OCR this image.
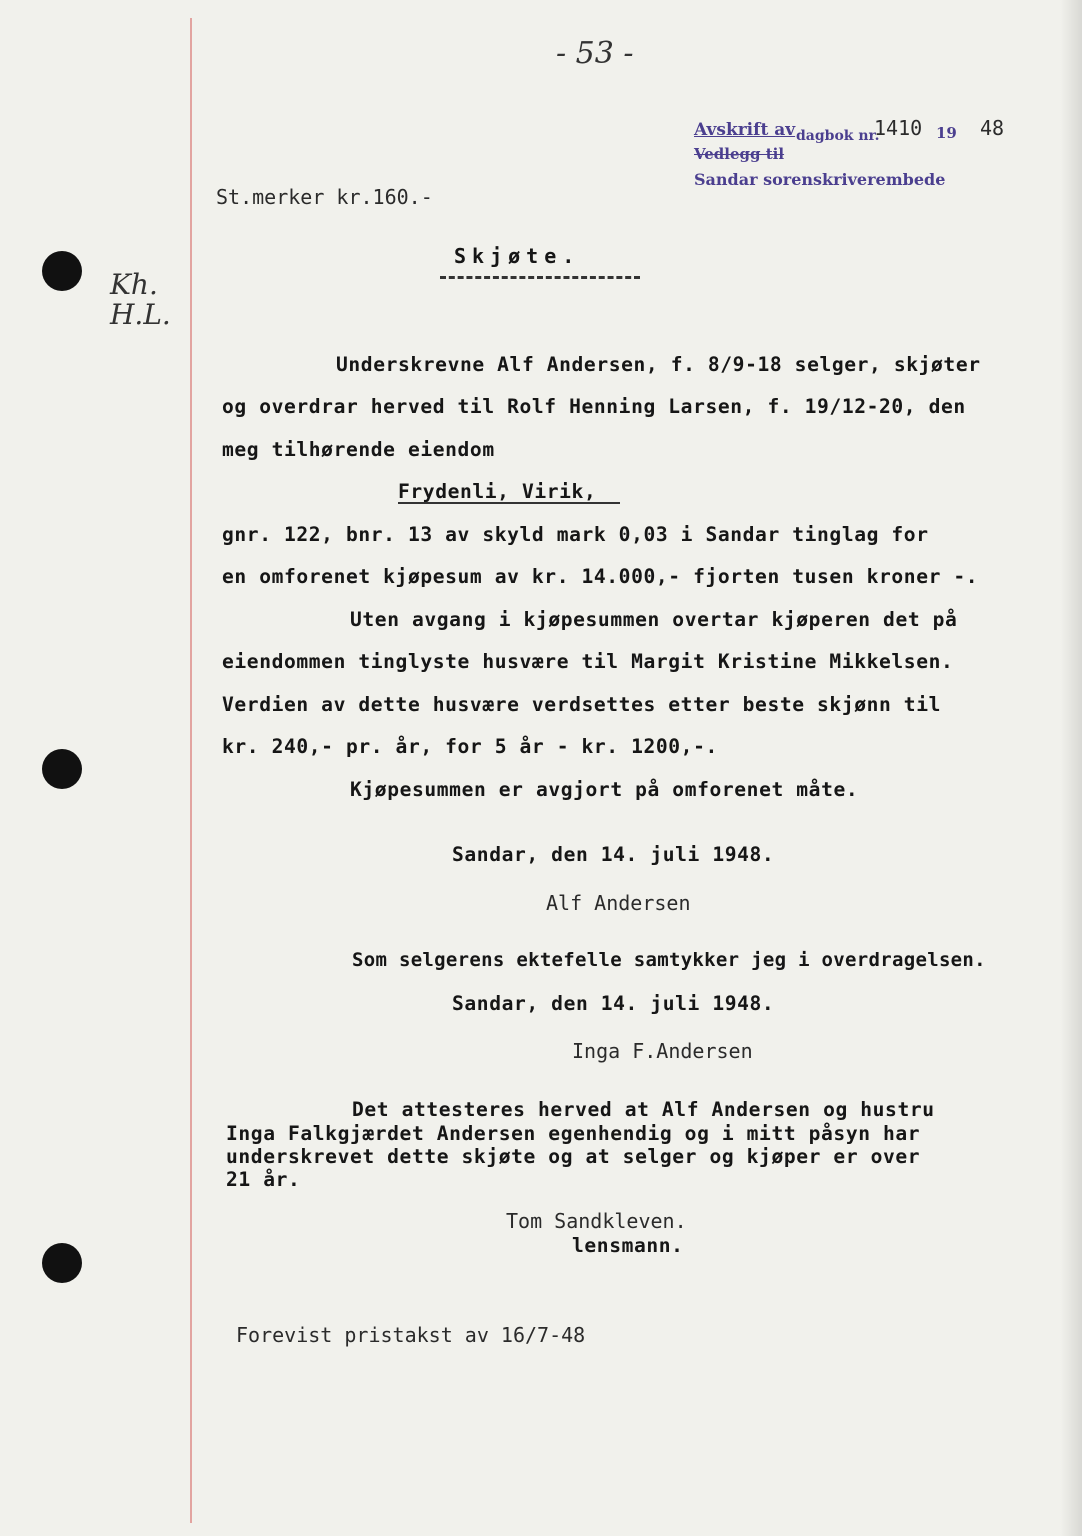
- 53 -
Avskrift av dagbok nr.
1410 19 48
Vedlegg til
Sandar sorenskriverembede
Kh. H.L.
St.merker kr.160.-
Skjøte.
Underskrevne Alf Andersen, f. 8/9-18 selger, skjøter
og overdrar herved til Rolf Henning Larsen, f. 19/12-20, den
meg tilhørende eiendom
Frydenli, Virik,
gnr. 122, bnr. 13 av skyld mark 0,03 i Sandar tinglag for
en omforenet kjøpesum av kr. 14.000,- fjorten tusen kroner -.
Uten avgang i kjøpesummen overtar kjøperen det på
eiendommen tinglyste husvære til Margit Kristine Mikkelsen.
Verdien av dette husvære verdsettes etter beste skjønn til
kr. 240,- pr. år, for 5 år - kr. 1200,-.
Kjøpesummen er avgjort på omforenet måte.
Sandar, den 14. juli 1948.
Alf Andersen
Som selgerens ektefelle samtykker jeg i overdragelsen.
Sandar, den 14. juli 1948.
Inga F.Andersen
Det attesteres herved at Alf Andersen og hustru
Inga Falkgjærdet Andersen egenhendig og i mitt påsyn har
underskrevet dette skjøte og at selger og kjøper er over
21 år.
Tom Sandkleven.
lensmann.
Forevist pristakst av 16/7-48
